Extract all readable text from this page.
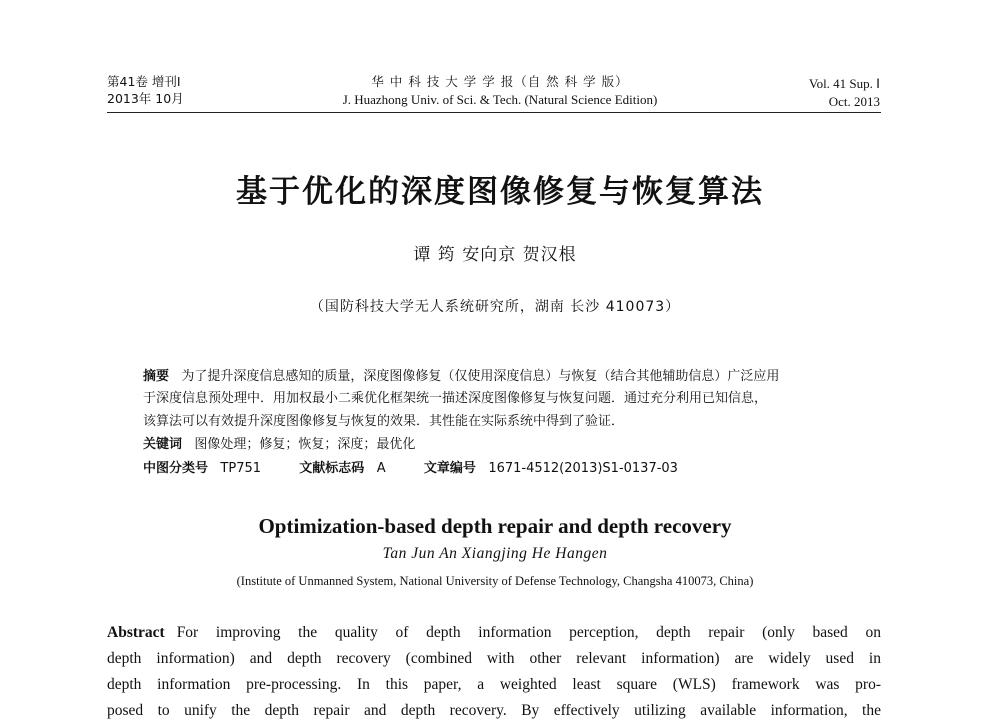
第41卷 增刊Ⅰ
2013年 10月
华 中 科 技 大 学 学 报（自 然 科 学 版）
J. Huazhong Univ. of Sci. & Tech. (Natural Science Edition)
Vol. 41 Sup. Ⅰ
Oct. 2013
基于优化的深度图像修复与恢复算法
谭 筠 安向京 贺汉根
（国防科技大学无人系统研究所，湖南 长沙 410073）
摘要 为了提升深度信息感知的质量，深度图像修复（仅使用深度信息）与恢复（结合其他辅助信息）广泛应用
于深度信息预处理中．用加权最小二乘优化框架统一描述深度图像修复与恢复问题．通过充分利用已知信息，
该算法可以有效提升深度图像修复与恢复的效果．其性能在实际系统中得到了验证．
关键词 图像处理；修复；恢复；深度；最优化
中图分类号 TP751	文献标志码 A	文章编号 1671-4512(2013)S1-0137-03
Optimization-based depth repair and depth recovery
Tan Jun An Xiangjing He Hangen
(Institute of Unmanned System, National University of Defense Technology, Changsha 410073, China)
Abstract For improving the quality of depth information perception, depth repair (only based on
depth information) and depth recovery (combined with other relevant information) are widely used in
depth information pre-processing. In this paper, a weighted least square (WLS) framework was pro-
posed to unify the depth repair and depth recovery. By effectively utilizing available information, the
